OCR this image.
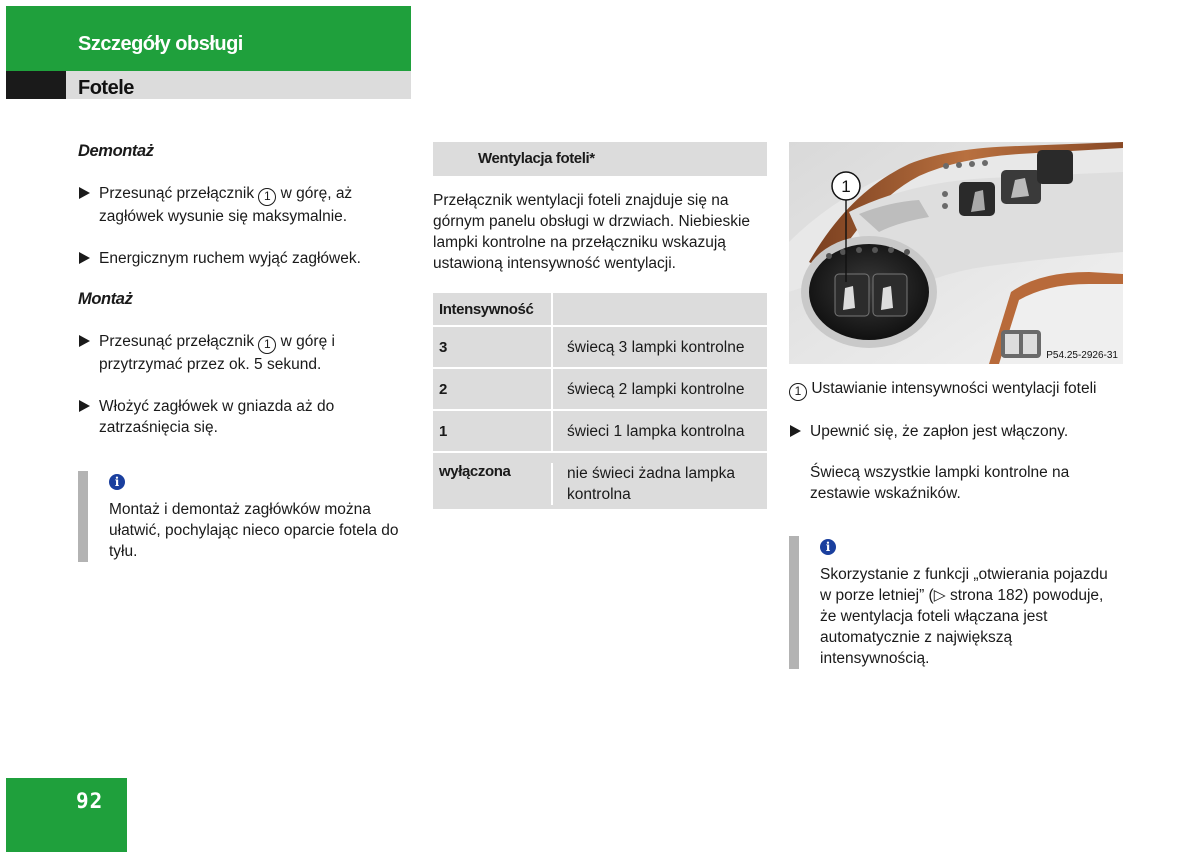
Szczegóły obsługi
Fotele
Demontaż
Przesunąć przełącznik 1 w górę, aż zagłówek wysunie się maksymalnie.
Energicznym ruchem wyjąć zagłówek.
Montaż
Przesunąć przełącznik 1 w górę i przytrzymać przez ok. 5 sekund.
Włożyć zagłówek w gniazda aż do zatrzaśnięcia się.
i
Montaż i demontaż zagłówków można ułatwić, pochylając nieco oparcie fotela do tyłu.
Wentylacja foteli*
Przełącznik wentylacji foteli znajduje się na górnym panelu obsługi w drzwiach. Niebieskie lampki kontrolne na przełączniku wskazują ustawioną intensywność wentylacji.
Intensywność
3	świecą 3 lampki kontrolne
2	świecą 2 lampki kontrolne
1	świeci 1 lampka kontrolna
wyłączona	nie świeci żadna lampka kontrolna
1
P54.25-2926-31
1 Ustawianie intensywności wentylacji foteli
Upewnić się, że zapłon jest włączony.
Świecą wszystkie lampki kontrolne na zestawie wskaźników.
i
Skorzystanie z funkcji „otwierania pojazdu w porze letniej” (▷ strona 182) powoduje, że wentylacja foteli włączana jest automatycznie z największą intensywnością.
92
